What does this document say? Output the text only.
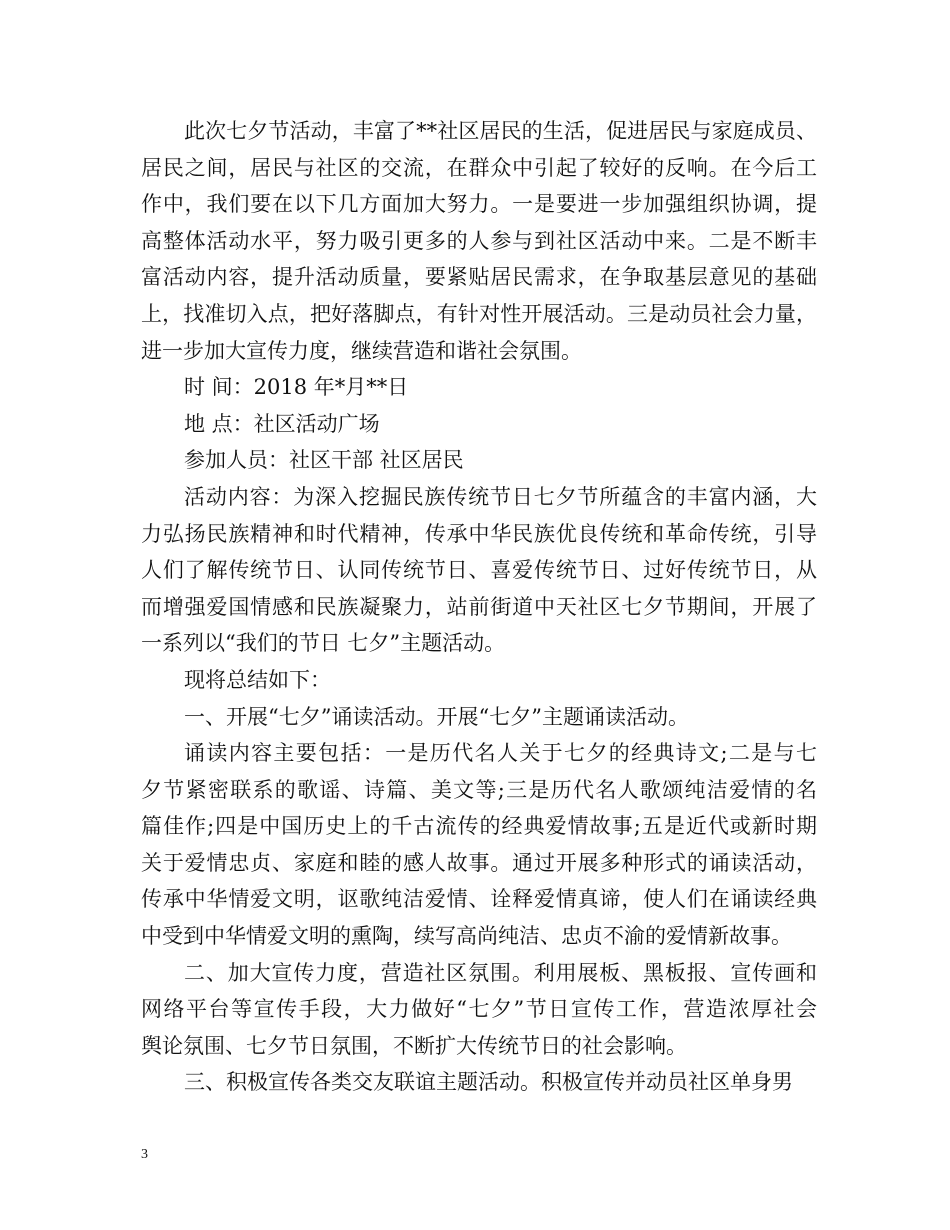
此次七夕节活动，丰富了**社区居民的生活，促进居民与家庭成员、
居民之间，居民与社区的交流，在群众中引起了较好的反响。在今后工
作中，我们要在以下几方面加大努力。一是要进一步加强组织协调，提
高整体活动水平，努力吸引更多的人参与到社区活动中来。二是不断丰
富活动内容，提升活动质量，要紧贴居民需求，在争取基层意见的基础
上，找准切入点，把好落脚点，有针对性开展活动。三是动员社会力量，
进一步加大宣传力度，继续营造和谐社会氛围。
时 间：2018 年*月**日
地 点：社区活动广场
参加人员：社区干部 社区居民
活动内容：为深入挖掘民族传统节日七夕节所蕴含的丰富内涵，大
力弘扬民族精神和时代精神，传承中华民族优良传统和革命传统，引导
人们了解传统节日、认同传统节日、喜爱传统节日、过好传统节日，从
而增强爱国情感和民族凝聚力，站前街道中天社区七夕节期间，开展了
一系列以“我们的节日 七夕”主题活动。
现将总结如下：
一、开展“七夕”诵读活动。开展“七夕”主题诵读活动。
诵读内容主要包括：一是历代名人关于七夕的经典诗文;二是与七
夕节紧密联系的歌谣、诗篇、美文等;三是历代名人歌颂纯洁爱情的名
篇佳作;四是中国历史上的千古流传的经典爱情故事;五是近代或新时期
关于爱情忠贞、家庭和睦的感人故事。通过开展多种形式的诵读活动，
传承中华情爱文明，讴歌纯洁爱情、诠释爱情真谛，使人们在诵读经典
中受到中华情爱文明的熏陶，续写高尚纯洁、忠贞不渝的爱情新故事。
二、加大宣传力度，营造社区氛围。利用展板、黑板报、宣传画和
网络平台等宣传手段，大力做好“七夕”节日宣传工作，营造浓厚社会
舆论氛围、七夕节日氛围，不断扩大传统节日的社会影响。
三、积极宣传各类交友联谊主题活动。积极宣传并动员社区单身男
3
